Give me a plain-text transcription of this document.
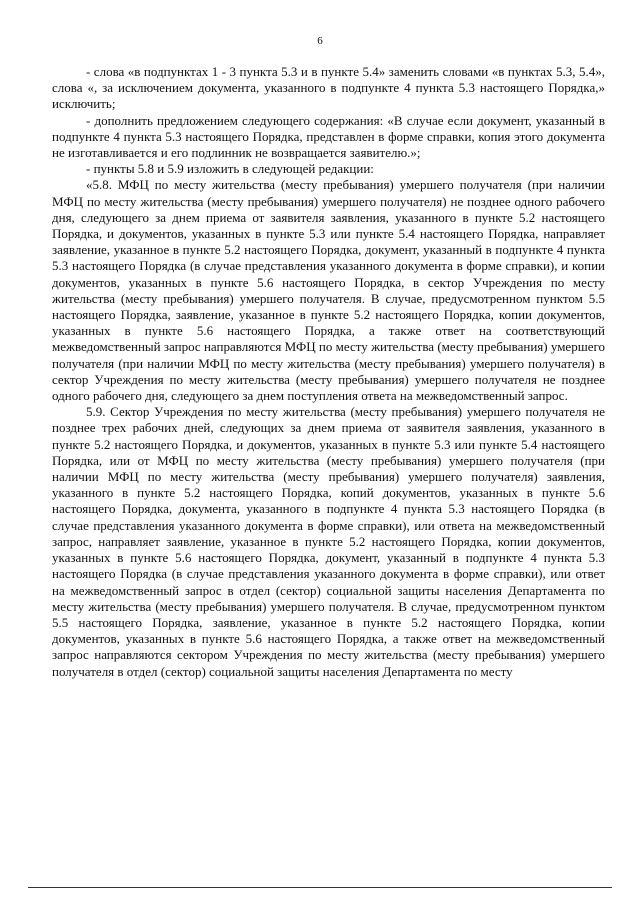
6

- слова «в подпунктах 1 - 3 пункта 5.3 и в пункте 5.4» заменить словами «в пунктах 5.3, 5.4», слова «, за исключением документа, указанного в подпункте 4 пункта 5.3 настоящего Порядка,» исключить;

- дополнить предложением следующего содержания: «В случае если документ, указанный в подпункте 4 пункта 5.3 настоящего Порядка, представлен в форме справки, копия этого документа не изготавливается и его подлинник не возвращается заявителю.»;

- пункты 5.8 и 5.9 изложить в следующей редакции:

«5.8. МФЦ по месту жительства (месту пребывания) умершего получателя (при наличии МФЦ по месту жительства (месту пребывания) умершего получателя) не позднее одного рабочего дня, следующего за днем приема от заявителя заявления, указанного в пункте 5.2 настоящего Порядка, и документов, указанных в пункте 5.3 или пункте 5.4 настоящего Порядка, направляет заявление, указанное в пункте 5.2 настоящего Порядка, документ, указанный в подпункте 4 пункта 5.3 настоящего Порядка (в случае представления указанного документа в форме справки), и копии документов, указанных в пункте 5.6 настоящего Порядка, в сектор Учреждения по месту жительства (месту пребывания) умершего получателя. В случае, предусмотренном пунктом 5.5 настоящего Порядка, заявление, указанное в пункте 5.2 настоящего Порядка, копии документов, указанных в пункте 5.6 настоящего Порядка, а также ответ на соответствующий межведомственный запрос направляются МФЦ по месту жительства (месту пребывания) умершего получателя (при наличии МФЦ по месту жительства (месту пребывания) умершего получателя) в сектор Учреждения по месту жительства (месту пребывания) умершего получателя не позднее одного рабочего дня, следующего за днем поступления ответа на межведомственный запрос.

5.9. Сектор Учреждения по месту жительства (месту пребывания) умершего получателя не позднее трех рабочих дней, следующих за днем приема от заявителя заявления, указанного в пункте 5.2 настоящего Порядка, и документов, указанных в пункте 5.3 или пункте 5.4 настоящего Порядка, или от МФЦ по месту жительства (месту пребывания) умершего получателя (при наличии МФЦ по месту жительства (месту пребывания) умершего получателя) заявления, указанного в пункте 5.2 настоящего Порядка, копий документов, указанных в пункте 5.6 настоящего Порядка, документа, указанного в подпункте 4 пункта 5.3 настоящего Порядка (в случае представления указанного документа в форме справки), или ответа на межведомственный запрос, направляет заявление, указанное в пункте 5.2 настоящего Порядка, копии документов, указанных в пункте 5.6 настоящего Порядка, документ, указанный в подпункте 4 пункта 5.3 настоящего Порядка (в случае представления указанного документа в форме справки), или ответ на межведомственный запрос в отдел (сектор) социальной защиты населения Департамента по месту жительства (месту пребывания) умершего получателя. В случае, предусмотренном пунктом 5.5 настоящего Порядка, заявление, указанное в пункте 5.2 настоящего Порядка, копии документов, указанных в пункте 5.6 настоящего Порядка, а также ответ на межведомственный запрос направляются сектором Учреждения по месту жительства (месту пребывания) умершего получателя в отдел (сектор) социальной защиты населения Департамента по месту
